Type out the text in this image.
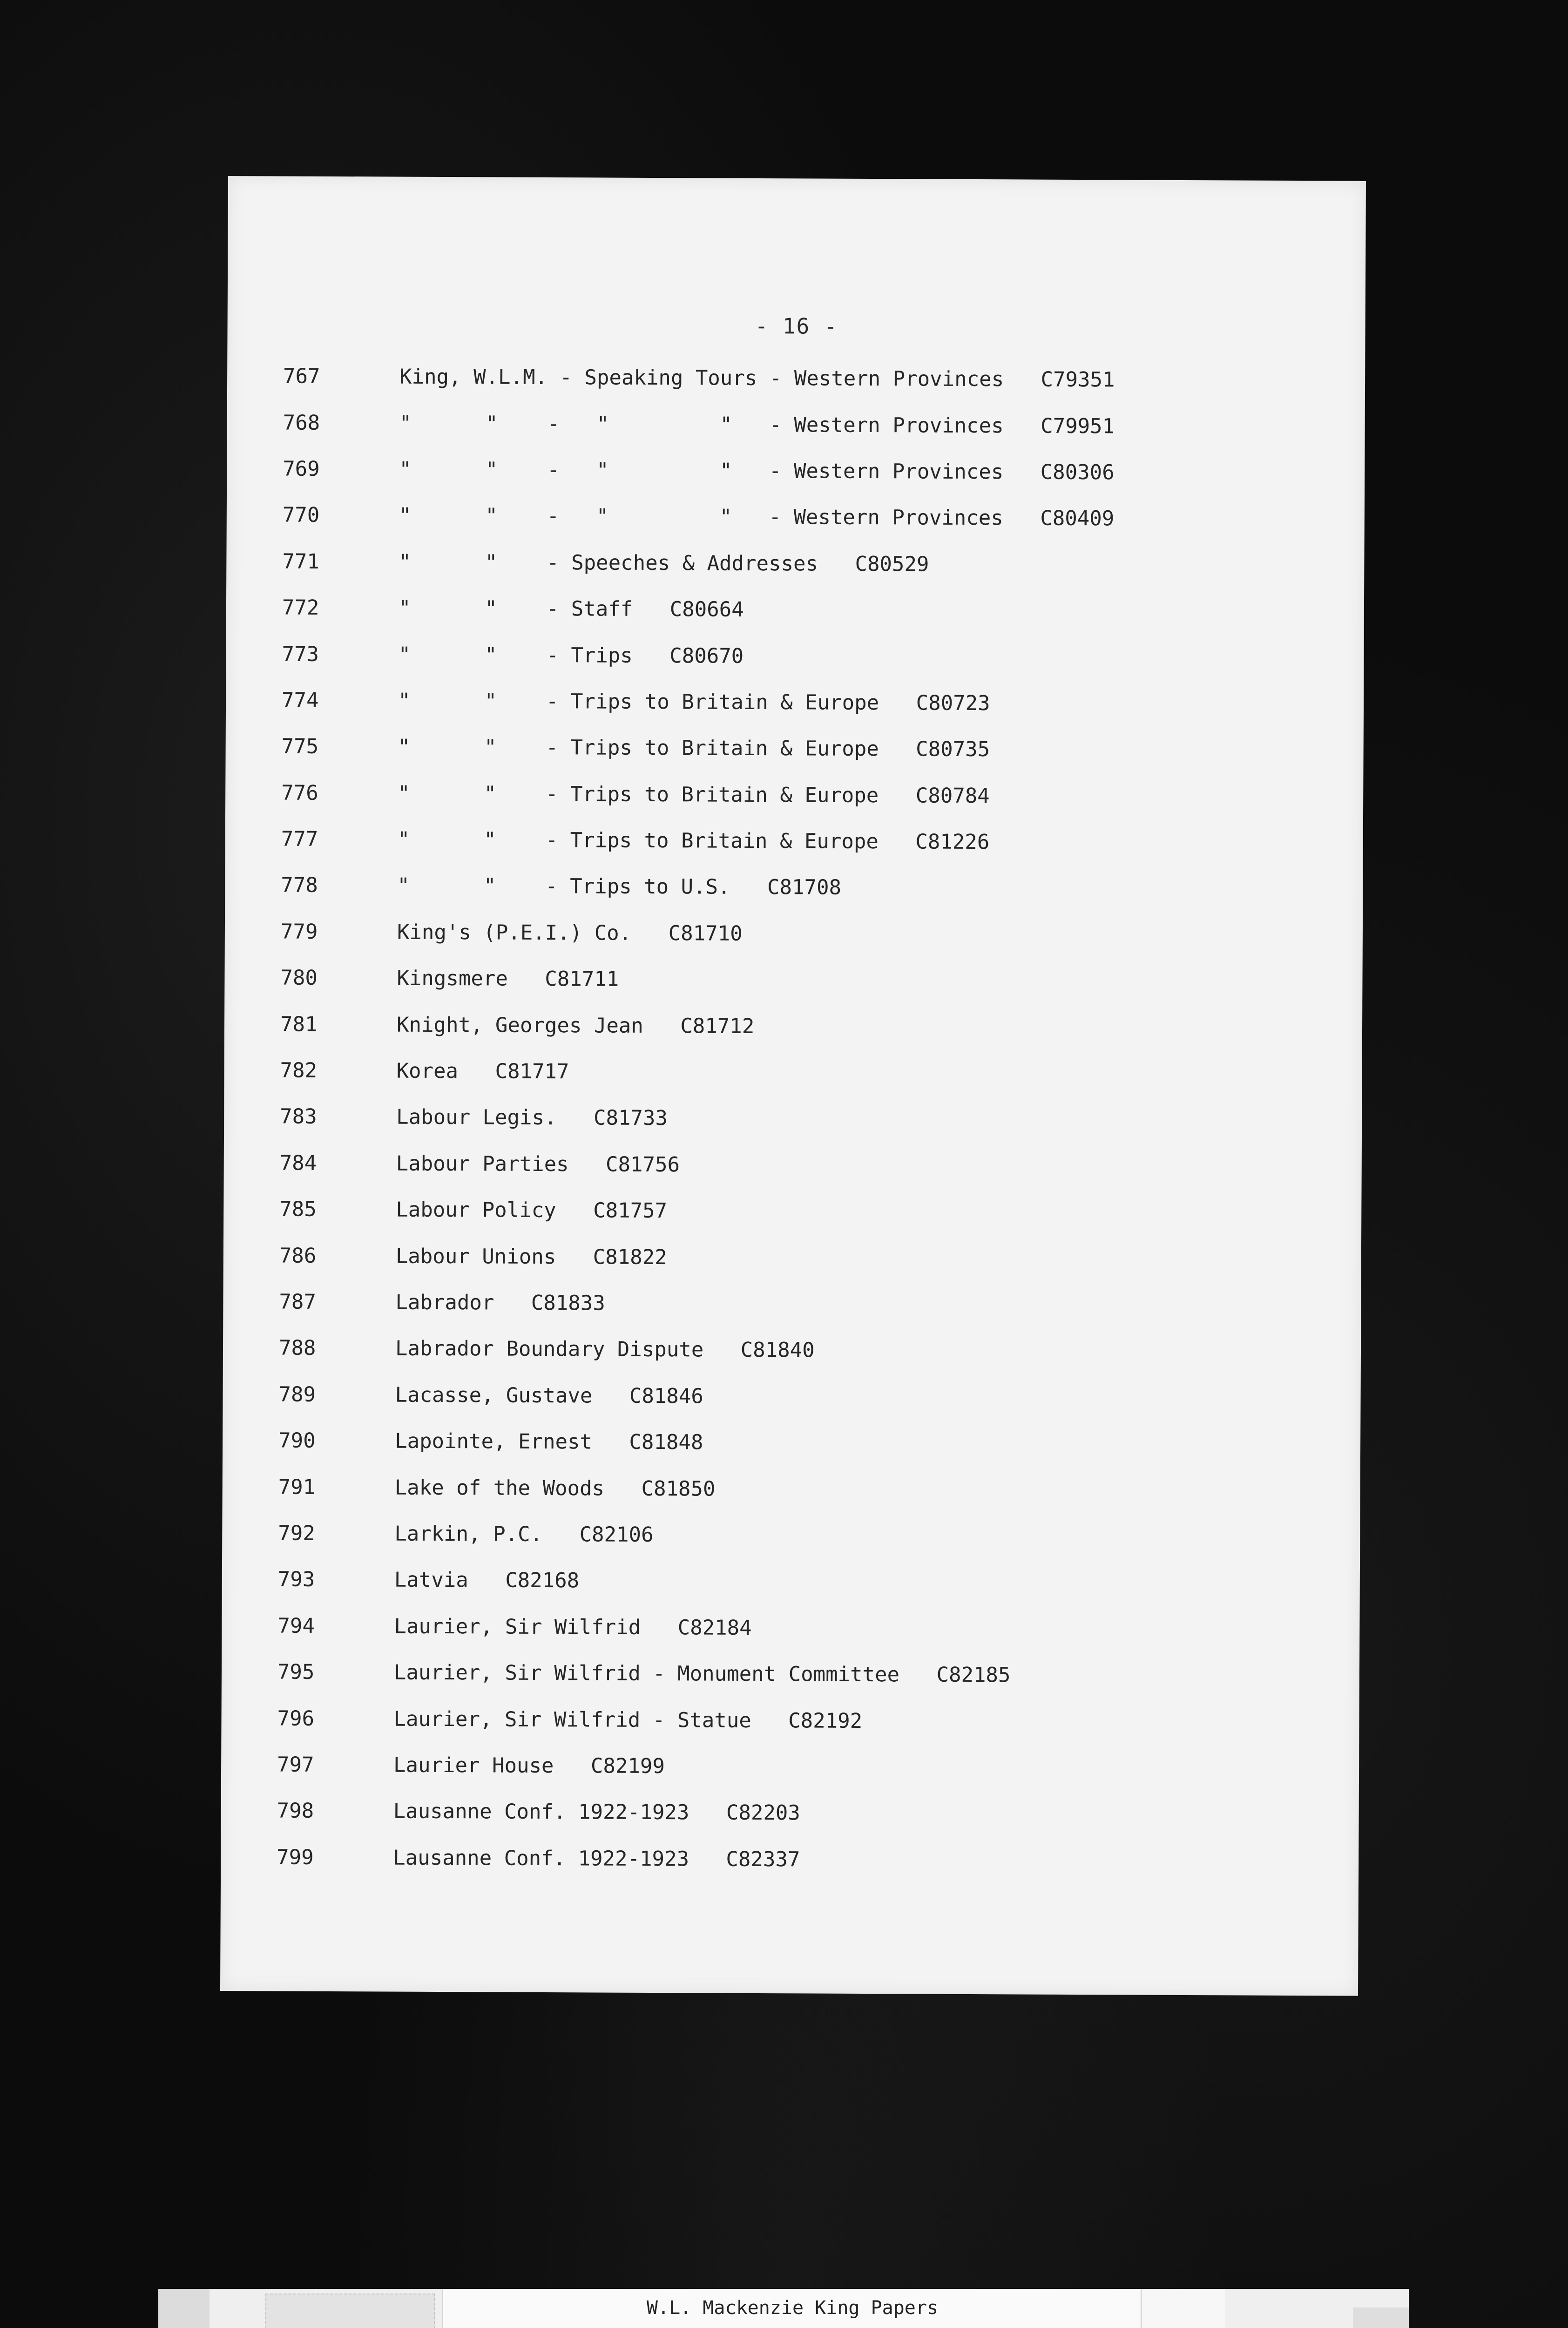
- 16 -
767	King, W.L.M. - Speaking Tours - Western Provinces   C79351
768	"      "    -   "         "   - Western Provinces   C79951
769	"      "    -   "         "   - Western Provinces   C80306
770	"      "    -   "         "   - Western Provinces   C80409
771	"      "    - Speeches & Addresses   C80529
772	"      "    - Staff   C80664
773	"      "    - Trips   C80670
774	"      "    - Trips to Britain & Europe   C80723
775	"      "    - Trips to Britain & Europe   C80735
776	"      "    - Trips to Britain & Europe   C80784
777	"      "    - Trips to Britain & Europe   C81226
778	"      "    - Trips to U.S.   C81708
779	King's (P.E.I.) Co.   C81710
780	Kingsmere   C81711
781	Knight, Georges Jean   C81712
782	Korea   C81717
783	Labour Legis.   C81733
784	Labour Parties   C81756
785	Labour Policy   C81757
786	Labour Unions   C81822
787	Labrador   C81833
788	Labrador Boundary Dispute   C81840
789	Lacasse, Gustave   C81846
790	Lapointe, Ernest   C81848
791	Lake of the Woods   C81850
792	Larkin, P.C.   C82106
793	Latvia   C82168
794	Laurier, Sir Wilfrid   C82184
795	Laurier, Sir Wilfrid - Monument Committee   C82185
796	Laurier, Sir Wilfrid - Statue   C82192
797	Laurier House   C82199
798	Lausanne Conf. 1922-1923   C82203
799	Lausanne Conf. 1922-1923   C82337
W.L. Mackenzie King Papers
